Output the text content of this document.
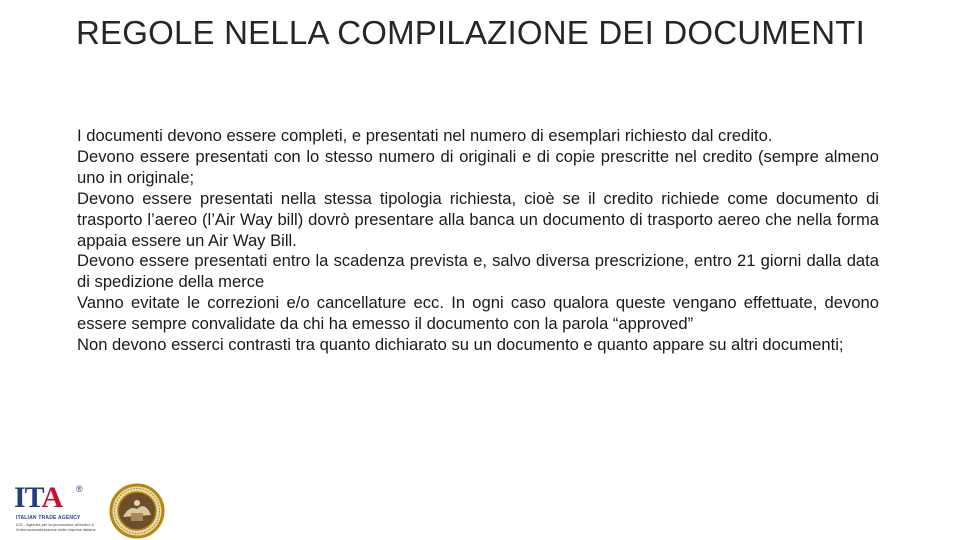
REGOLE NELLA COMPILAZIONE DEI DOCUMENTI

I documenti devono essere completi, e presentati nel numero di esemplari richiesto dal credito.

Devono essere presentati con lo stesso numero di originali e di copie prescritte nel credito (sempre almeno uno in originale;

Devono essere presentati nella stessa tipologia richiesta, cioè se il credito richiede come documento di trasporto l’aereo (l’Air Way bill) dovrò presentare alla banca un documento di trasporto aereo che nella forma appaia essere un Air Way Bill.

Devono essere presentati entro la scadenza prevista e, salvo diversa prescrizione, entro 21 giorni dalla data di spedizione della merce

Vanno evitate le correzioni e/o cancellature ecc. In ogni caso qualora queste vengano effettuate, devono essere sempre convalidate da chi ha emesso il documento con la parola “approved”

Non devono esserci contrasti tra quanto dichiarato su un documento e quanto appare su altri documenti;

ITA ®
ITALIAN TRADE AGENCY
ICE - Agenzia per la promozione all'estero e l'internazionalizzazione delle imprese italiane
